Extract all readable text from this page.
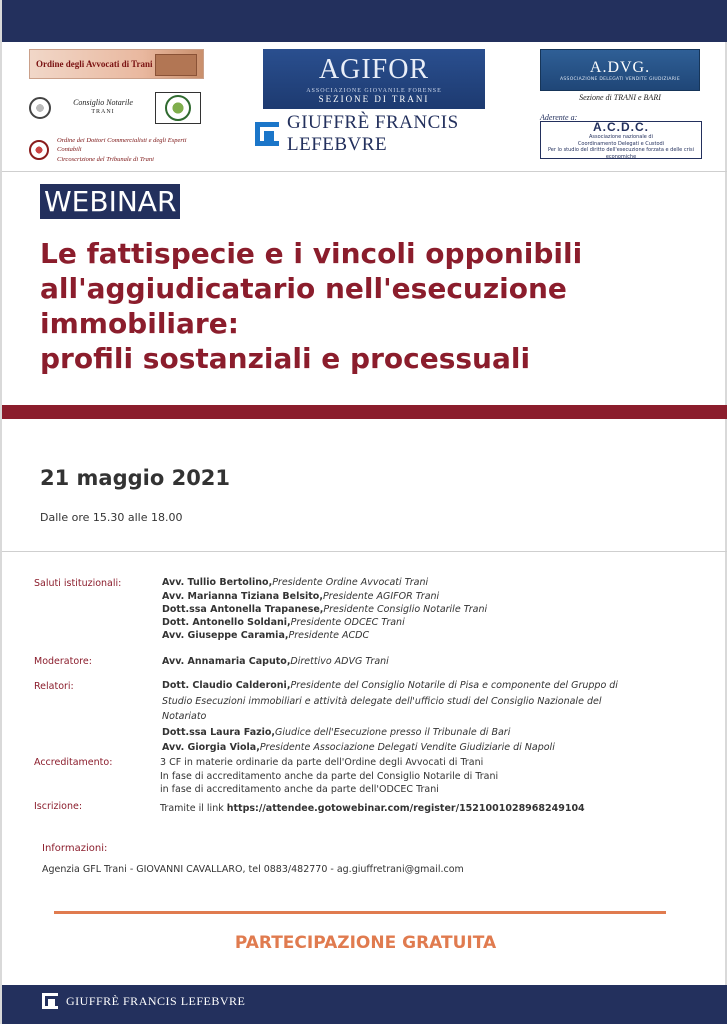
Ordine degli Avvocati di Trani
Consiglio Notarile
TRANI
Ordine dei Dottori Commercialisti e degli Esperti Contabili
Circoscrizione del Tribunale di Trani
AGIFOR
ASSOCIAZIONE GIOVANILE FORENSE
SEZIONE DI TRANI
GIUFFRÈ FRANCIS LEFEBVRE
A.DVG.
ASSOCIAZIONE DELEGATI VENDITE GIUDIZIARIE
Sezione di TRANI e BARI
Aderente a:
A.C.D.C.
Associazione nazionale di
Coordinamento Delegati e Custodi
Per lo studio del diritto dell'esecuzione forzata e delle crisi economiche
WEBINAR
Le fattispecie e i vincoli opponibili
all'aggiudicatario nell'esecuzione
immobiliare:
profili sostanziali e processuali
21 maggio 2021
Dalle ore 15.30 alle 18.00
Saluti istituzionali:	Avv. Tullio Bertolino,Presidente Ordine Avvocati Trani
Avv. Marianna Tiziana Belsito,Presidente AGIFOR Trani
Dott.ssa Antonella Trapanese,Presidente Consiglio Notarile Trani
Dott. Antonello Soldani,Presidente ODCEC Trani
Avv. Giuseppe Caramia,Presidente ACDC
Moderatore:	Avv. Annamaria Caputo,Direttivo ADVG Trani
Relatori:	Dott. Claudio Calderoni,Presidente del Consiglio Notarile di Pisa e componente del Gruppo di
Studio Esecuzioni immobiliari e attività delegate dell'ufficio studi del Consiglio Nazionale del
Notariato
Dott.ssa Laura Fazio,Giudice dell'Esecuzione presso il Tribunale di Bari
Avv. Giorgia Viola,Presidente Associazione Delegati Vendite Giudiziarie di Napoli
Accreditamento:	3 CF in materie ordinarie da parte dell'Ordine degli Avvocati di Trani
In fase di accreditamento anche da parte del Consiglio Notarile di Trani
in fase di accreditamento anche da parte dell'ODCEC Trani
Iscrizione:	Tramite il link https://attendee.gotowebinar.com/register/1521001028968249104
Informazioni:
Agenzia GFL Trani - GIOVANNI CAVALLARO, tel 0883/482770 - ag.giuffretrani@gmail.com
PARTECIPAZIONE GRATUITA
GIUFFRÈ FRANCIS LEFEBVRE
